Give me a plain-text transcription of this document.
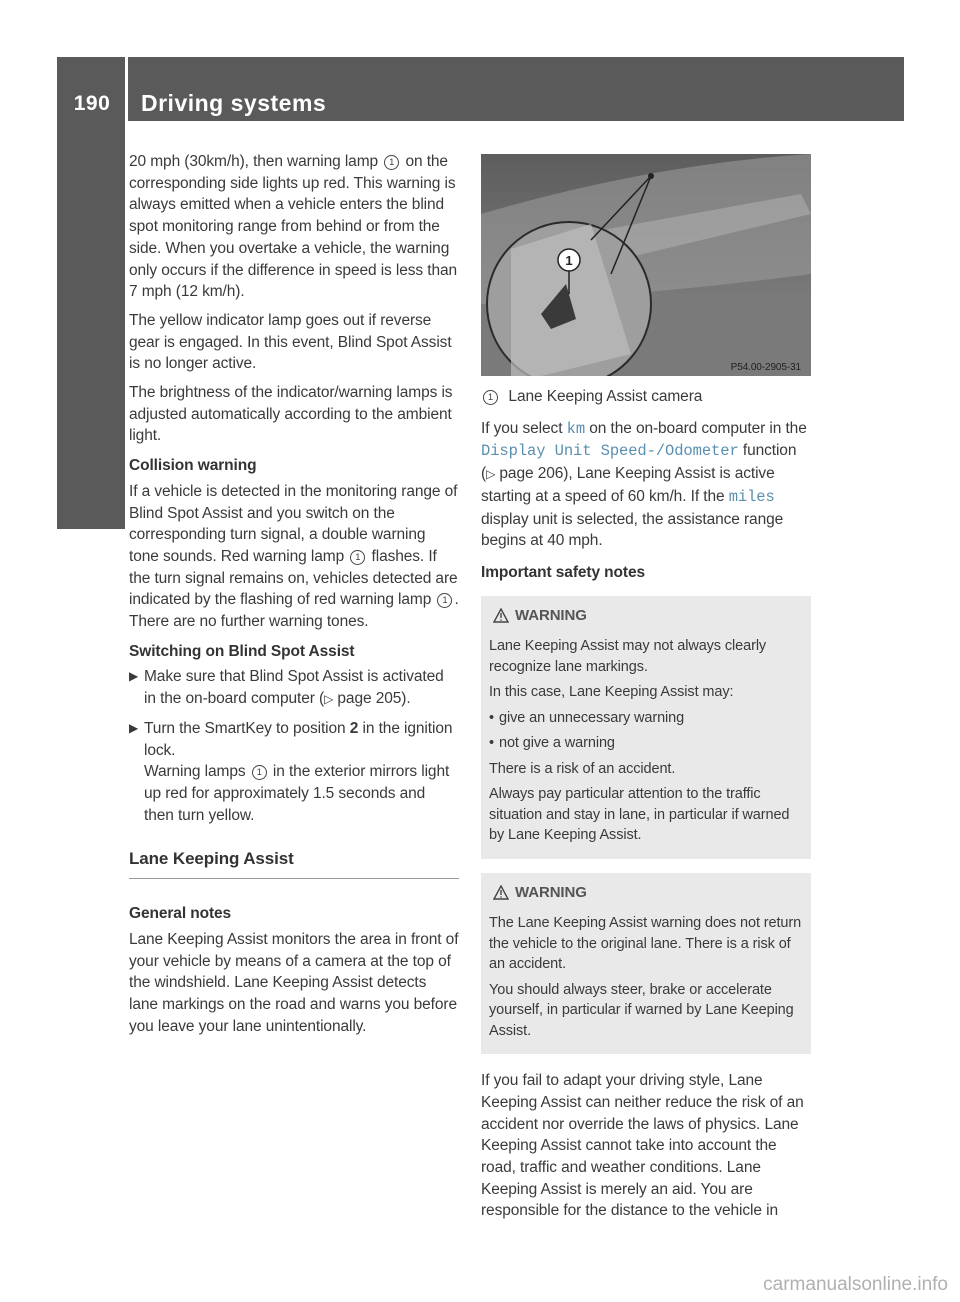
190	Driving systems
Driving and parking 20 mph (30km/h), then warning lamp 1 on the corresponding side lights up red. This warning is always emitted when a vehicle enters the blind spot monitoring range from behind or from the side. When you overtake a vehicle, the warning only occurs if the difference in speed is less than 7 mph (12 km/h).

The yellow indicator lamp goes out if reverse gear is engaged. In this event, Blind Spot Assist is no longer active.

The brightness of the indicator/warning lamps is adjusted automatically according to the ambient light.

Collision warning

If a vehicle is detected in the monitoring range of Blind Spot Assist and you switch on the corresponding turn signal, a double warning tone sounds. Red warning lamp 1 flashes. If the turn signal remains on, vehicles detected are indicated by the flashing of red warning lamp 1 . There are no further warning tones.

Switching on Blind Spot Assist
▶ Make sure that Blind Spot Assist is activated in the on-board computer (▷ page 205).

▶ Turn the SmartKey to position 2 in the ignition lock.

Warning lamps 1 in the exterior mirrors light up red for approximately 1.5 seconds and then turn yellow.

Lane Keeping Assist
General notes

Lane Keeping Assist monitors the area in front of your vehicle by means of a camera at the top of the windshield. Lane Keeping Assist detects lane markings on the road and warns you before you leave your lane unintentionally.

1
P54.00-2905-31

1 Lane Keeping Assist camera

If you select km on the on-board computer in the Display Unit Speed-/Odometer function (▷ page 206), Lane Keeping Assist is active starting at a speed of 60 km/h. If the miles display unit is selected, the assistance range begins at 40 mph.

Important safety notes
WARNING

Lane Keeping Assist may not always clearly recognize lane markings.

In this case, Lane Keeping Assist may:

• give an unnecessary warning

• not give a warning

There is a risk of an accident.

Always pay particular attention to the traffic situation and stay in lane, in particular if warned by Lane Keeping Assist.

WARNING

The Lane Keeping Assist warning does not return the vehicle to the original lane. There is a risk of an accident.

You should always steer, brake or accelerate yourself, in particular if warned by Lane Keeping Assist.

If you fail to adapt your driving style, Lane Keeping Assist can neither reduce the risk of an accident nor override the laws of physics. Lane Keeping Assist cannot take into account the road, traffic and weather conditions. Lane Keeping Assist is merely an aid. You are responsible for the distance to the vehicle in

carmanualsonline.info
